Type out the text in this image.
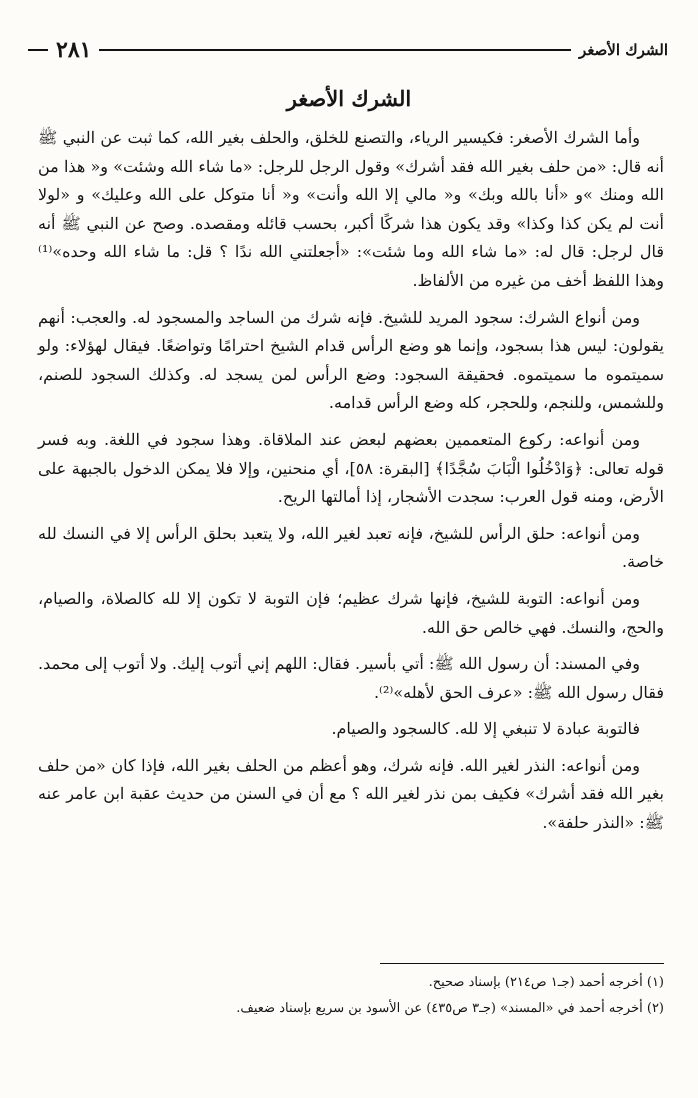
الشرك الأصغر
٢٨١
الشرك الأصغر

وأما الشرك الأصغر: فكيسير الرياء، والتصنع للخلق، والحلف بغير الله، كما ثبت عن النبي ﷺ أنه قال: «من حلف بغير الله فقد أشرك» وقول الرجل للرجل: «ما شاء الله وشئت» و« هذا من الله ومنك »و «أنا بالله وبك» و« مالي إلا الله وأنت» و« أنا متوكل على الله وعليك» و «لولا أنت لم يكن كذا وكذا» وقد يكون هذا شركًا أكبر، بحسب قائله ومقصده. وصح عن النبي ﷺ أنه قال لرجل: قال له: «ما شاء الله وما شئت»: «أجعلتني الله ندًا ؟ قل: ما شاء الله وحده»⁽¹⁾ وهذا اللفظ أخف من غيره من الألفاظ.

ومن أنواع الشرك: سجود المريد للشيخ. فإنه شرك من الساجد والمسجود له. والعجب: أنهم يقولون: ليس هذا بسجود، وإنما هو وضع الرأس قدام الشيخ احترامًا وتواضعًا. فيقال لهؤلاء: ولو سميتموه ما سميتموه. فحقيقة السجود: وضع الرأس لمن يسجد له. وكذلك السجود للصنم، وللشمس، وللنجم، وللحجر، كله وضع الرأس قدامه.

ومن أنواعه: ركوع المتعممين بعضهم لبعض عند الملاقاة. وهذا سجود في اللغة. وبه فسر قوله تعالى: ﴿وَادْخُلُوا الْبَابَ سُجَّدًا﴾ [البقرة: ٥٨]، أي منحنين، وإلا فلا يمكن الدخول بالجبهة على الأرض، ومنه قول العرب: سجدت الأشجار، إذا أمالتها الريح.

ومن أنواعه: حلق الرأس للشيخ، فإنه تعبد لغير الله، ولا يتعبد بحلق الرأس إلا في النسك لله خاصة.

ومن أنواعه: التوبة للشيخ، فإنها شرك عظيم؛ فإن التوبة لا تكون إلا لله كالصلاة، والصيام، والحج، والنسك. فهي خالص حق الله.

وفي المسند: أن رسول الله ﷺ: أتي بأسير. فقال: اللهم إني أتوب إليك. ولا أتوب إلى محمد. فقال رسول الله ﷺ: «عرف الحق لأهله»⁽²⁾.

فالتوبة عبادة لا تنبغي إلا لله. كالسجود والصيام.

ومن أنواعه: النذر لغير الله. فإنه شرك، وهو أعظم من الحلف بغير الله، فإذا كان «من حلف بغير الله فقد أشرك» فكيف بمن نذر لغير الله ؟ مع أن في السنن من حديث عقبة ابن عامر عنه ﷺ: «النذر حلفة».

(١) أخرجه أحمد (جـ١ ص٢١٤) بإسناد صحيح.
(٢) أخرجه أحمد في «المسند» (جـ٣ ص٤٣٥) عن الأسود بن سريع بإسناد ضعيف.
